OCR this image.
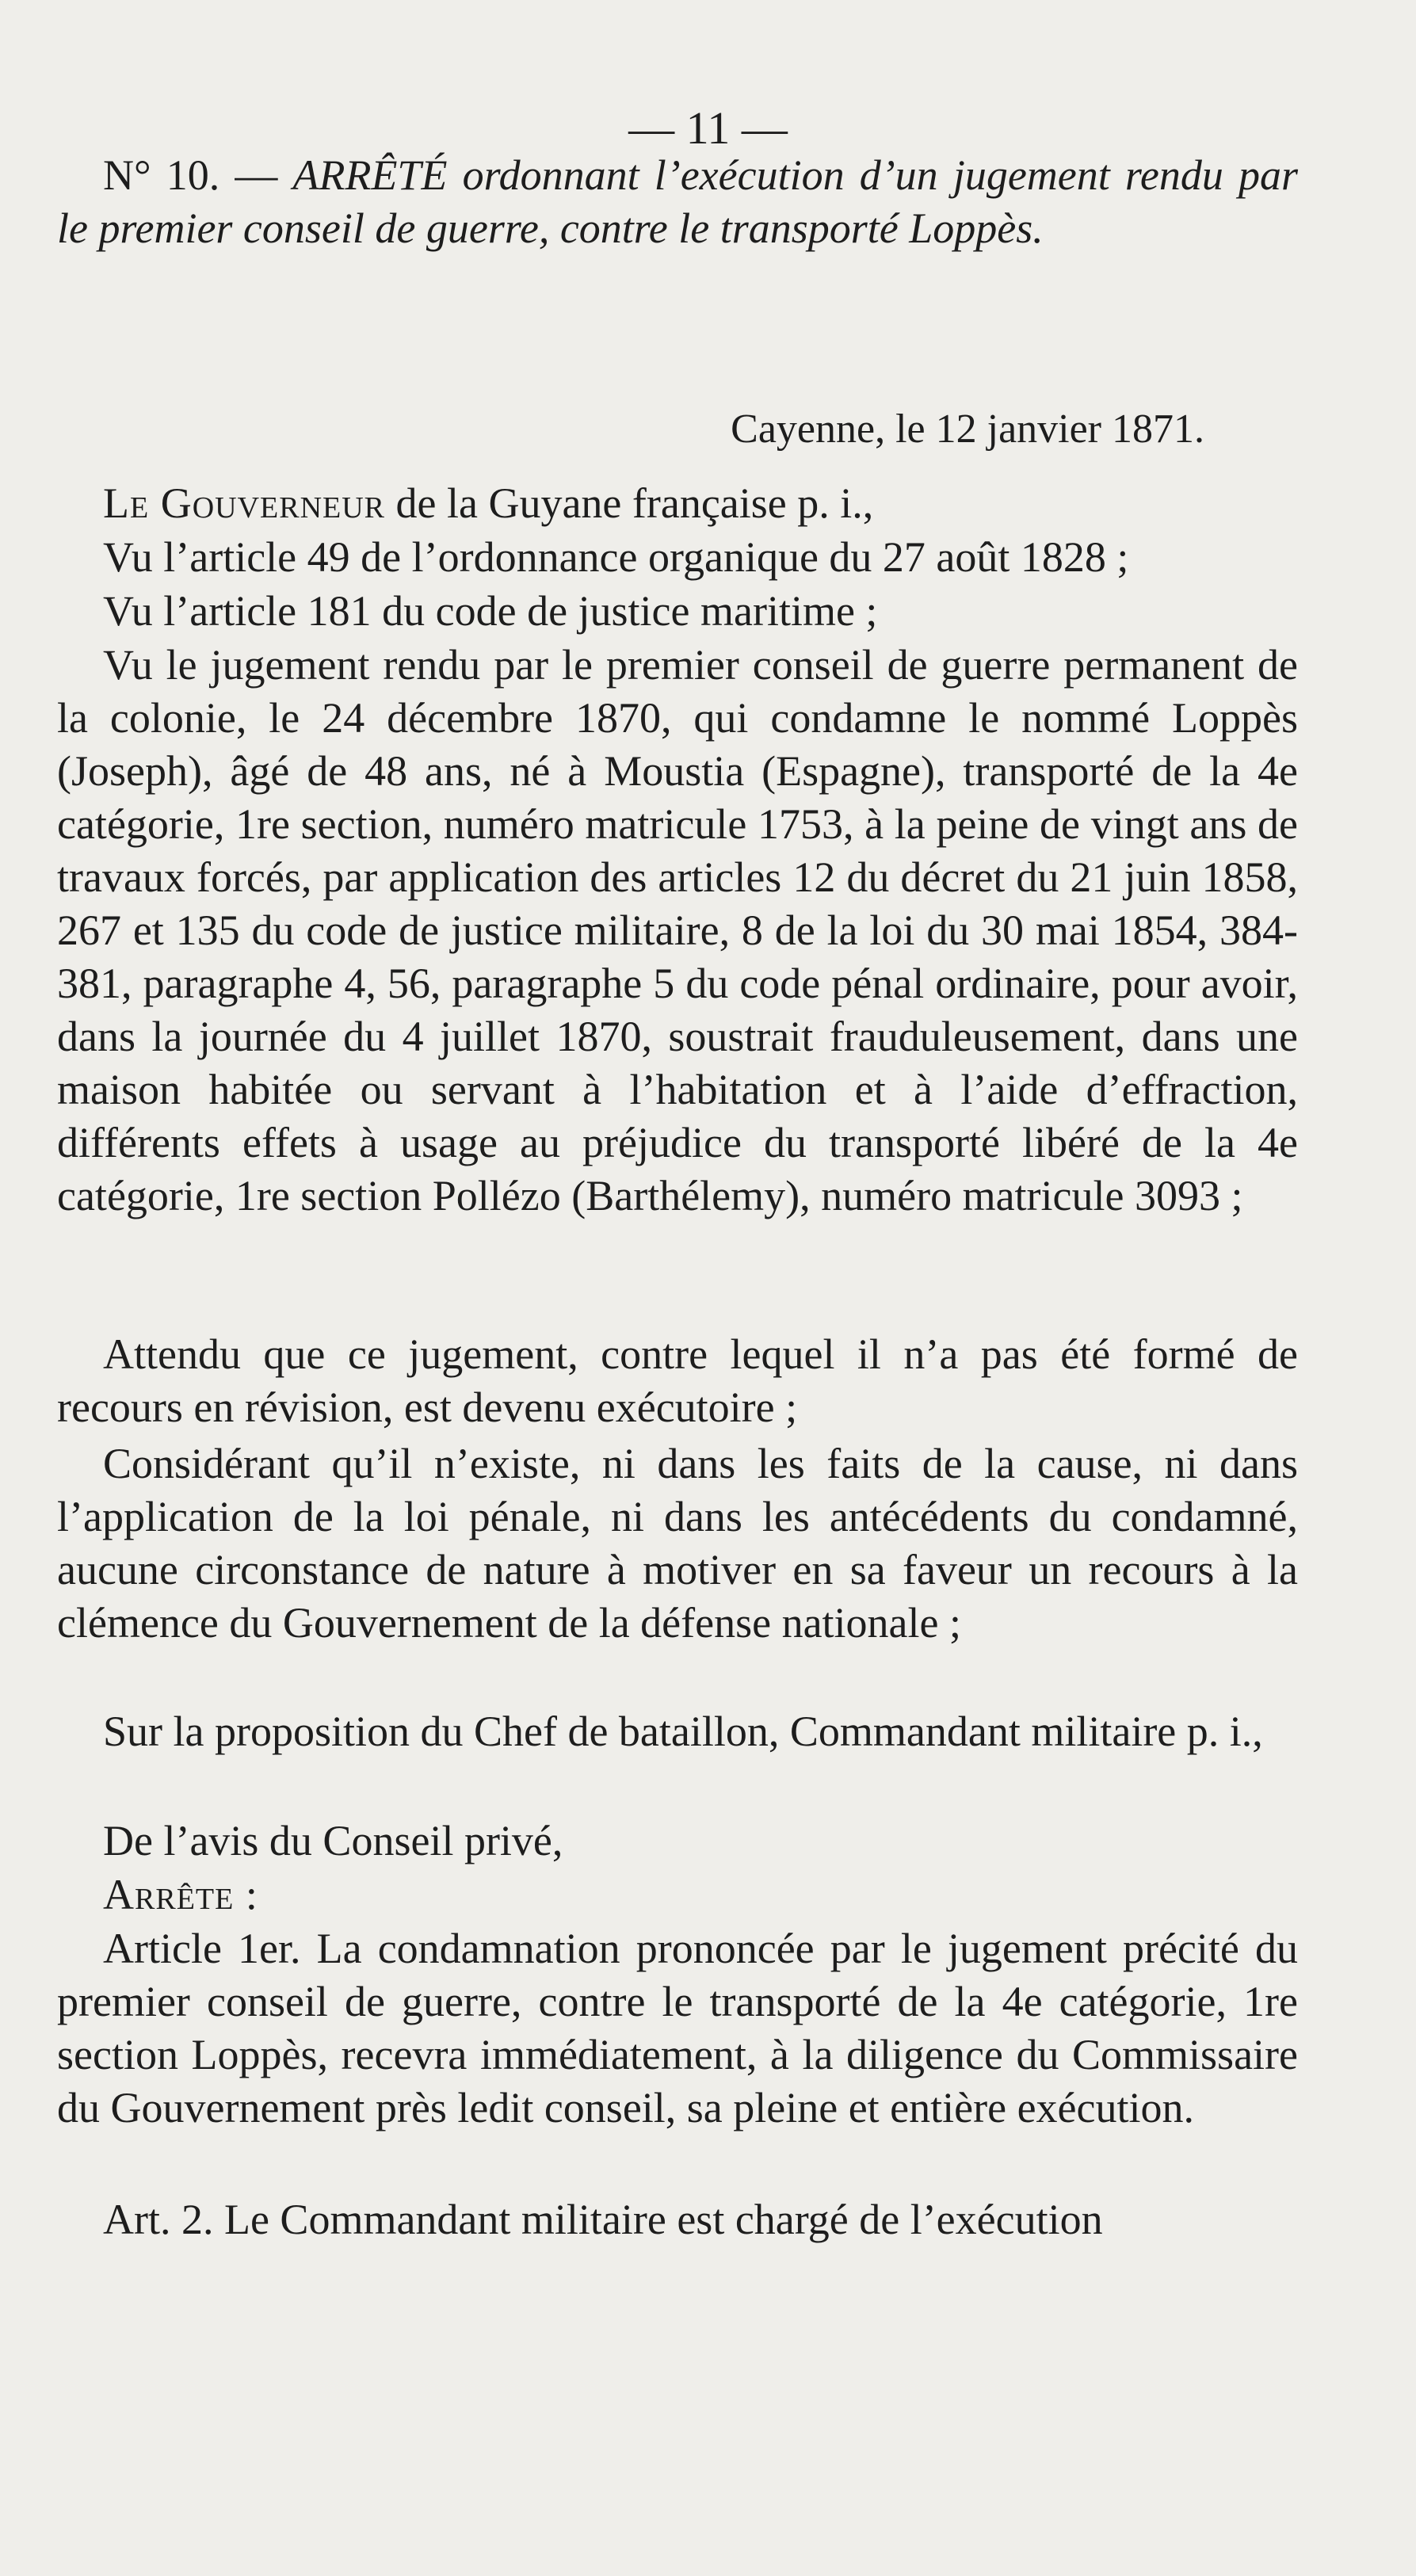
— 11 —

N° 10. — ARRÊTÉ ordonnant l’exécution d’un jugement rendu par le premier conseil de guerre, contre le transporté Loppès.

Cayenne, le 12 janvier 1871.

Le Gouverneur de la Guyane française p. i.,

Vu l’article 49 de l’ordonnance organique du 27 août 1828 ;

Vu l’article 181 du code de justice maritime ;

Vu le jugement rendu par le premier conseil de guerre permanent de la colonie, le 24 décembre 1870, qui condamne le nommé Loppès (Joseph), âgé de 48 ans, né à Moustia (Espagne), transporté de la 4e catégorie, 1re section, numéro matricule 1753, à la peine de vingt ans de travaux forcés, par application des articles 12 du décret du 21 juin 1858, 267 et 135 du code de justice militaire, 8 de la loi du 30 mai 1854, 384-381, paragraphe 4, 56, paragraphe 5 du code pénal ordinaire, pour avoir, dans la journée du 4 juillet 1870, soustrait frauduleusement, dans une maison habitée ou servant à l’habitation et à l’aide d’effraction, différents effets à usage au préjudice du transporté libéré de la 4e catégorie, 1re section Pollézo (Barthélemy), numéro matricule 3093 ;

Attendu que ce jugement, contre lequel il n’a pas été formé de recours en révision, est devenu exécutoire ;

Considérant qu’il n’existe, ni dans les faits de la cause, ni dans l’application de la loi pénale, ni dans les antécédents du condamné, aucune circonstance de nature à motiver en sa faveur un recours à la clémence du Gouvernement de la défense nationale ;

Sur la proposition du Chef de bataillon, Commandant militaire p. i.,

De l’avis du Conseil privé,

Arrête :

Article 1er. La condamnation prononcée par le jugement précité du premier conseil de guerre, contre le transporté de la 4e catégorie, 1re section Loppès, recevra immédiatement, à la diligence du Commissaire du Gouvernement près ledit conseil, sa pleine et entière exécution.

Art. 2. Le Commandant militaire est chargé de l’exécution
